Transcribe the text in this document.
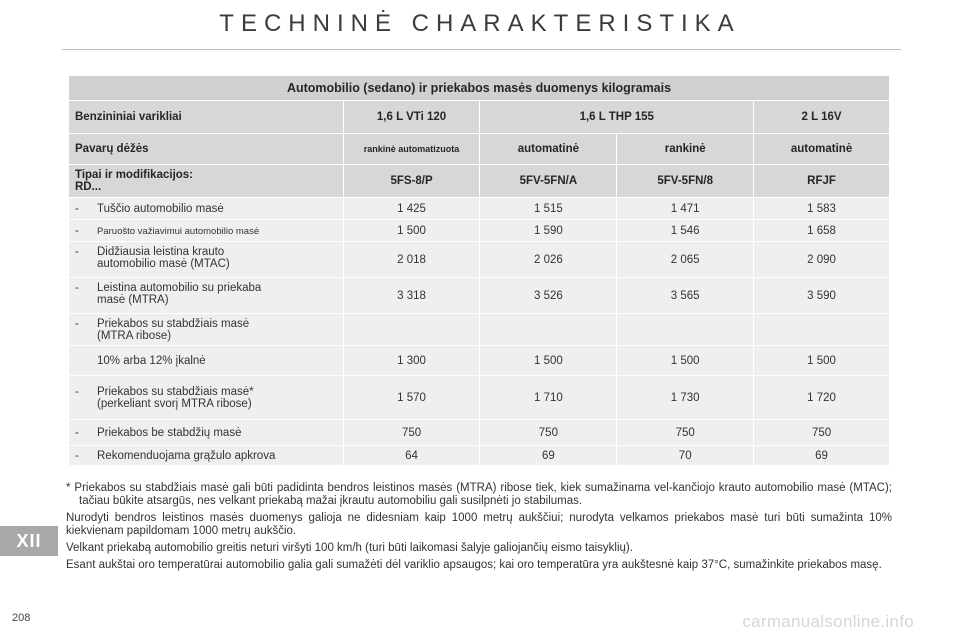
TECHNINĖ CHARAKTERISTIKA
Automobilio (sedano) ir priekabos masės duomenys kilogramais				
Benzininiai varikliai	1,6 L VTi 120	1,6 L THP 155		2 L 16V
Pavarų dėžės	rankinė automatizuota	automatinė	rankinė	automatinė
Tipai ir modifikacijos:
RD...	5FS-8/P	5FV-5FN/A	5FV-5FN/8	RFJF
- Tuščio automobilio masė	1 425	1 515	1 471	1 583
- Paruošto važiavimui automobilio masė	1 500	1 590	1 546	1 658
- Didžiausia leistina krauto
automobilio masė (MTAC)	2 018	2 026	2 065	2 090
- Leistina automobilio su priekaba
masė (MTRA)	3 318	3 526	3 565	3 590
- Priekabos su stabdžiais masė
(MTRA ribose)				

10% arba 12% įkalnė	1 300	1 500	1 500	1 500
- Priekabos su stabdžiais masė*
(perkeliant svorį MTRA ribose)	1 570	1 710	1 730	1 720
- Priekabos be stabdžių masė	750	750	750	750
- Rekomenduojama grąžulo apkrova	64	69	70	69

* Priekabos su stabdžiais masė gali būti padidinta bendros leistinos masės (MTRA) ribose tiek, kiek sumažinama vel-kančiojo krauto automobilio masė (MTAC); tačiau būkite atsargūs, nes velkant priekabą mažai įkrautu automobiliu gali susilpnėti jo stabilumas.

Nurodyti bendros leistinos masės duomenys galioja ne didesniam kaip 1000 metrų aukščiui; nurodyta velkamos priekabos masė turi būti sumažinta 10% kiekvienam papildomam 1000 metrų aukščio.

Velkant priekabą automobilio greitis neturi viršyti 100 km/h (turi būti laikomasi šalyje galiojančių eismo taisyklių).

Esant aukštai oro temperatūrai automobilio galia gali sumažėti dėl variklio apsaugos; kai oro temperatūra yra aukštesnė kaip 37°C, sumažinkite priekabos masę.

XII
208	carmanualsonline.info
